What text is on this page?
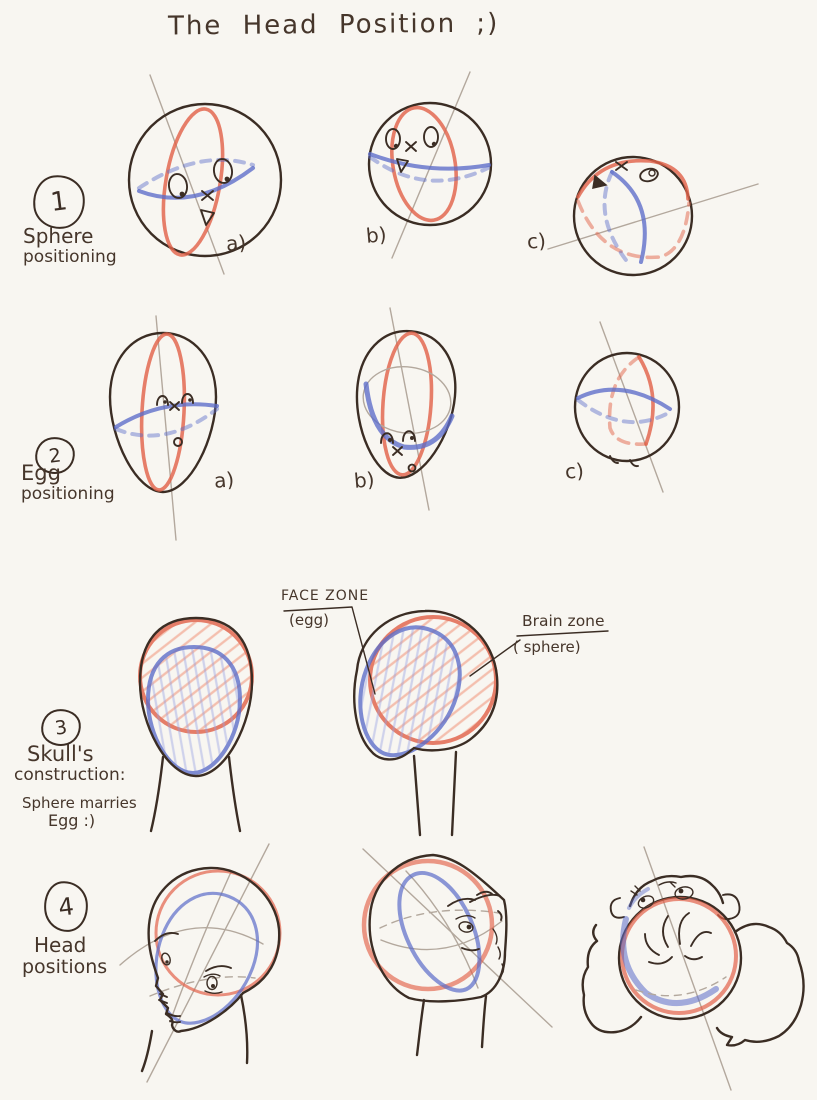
The Head Position ;)
1
Sphere
positioning
a)	b)	c)
2
Egg
positioning
a)	b)	c)
3
Skull's
construction:
Sphere marries
Egg :)
FACE ZONE
(egg)	Brain zone
( sphere)
4
Head
positions
